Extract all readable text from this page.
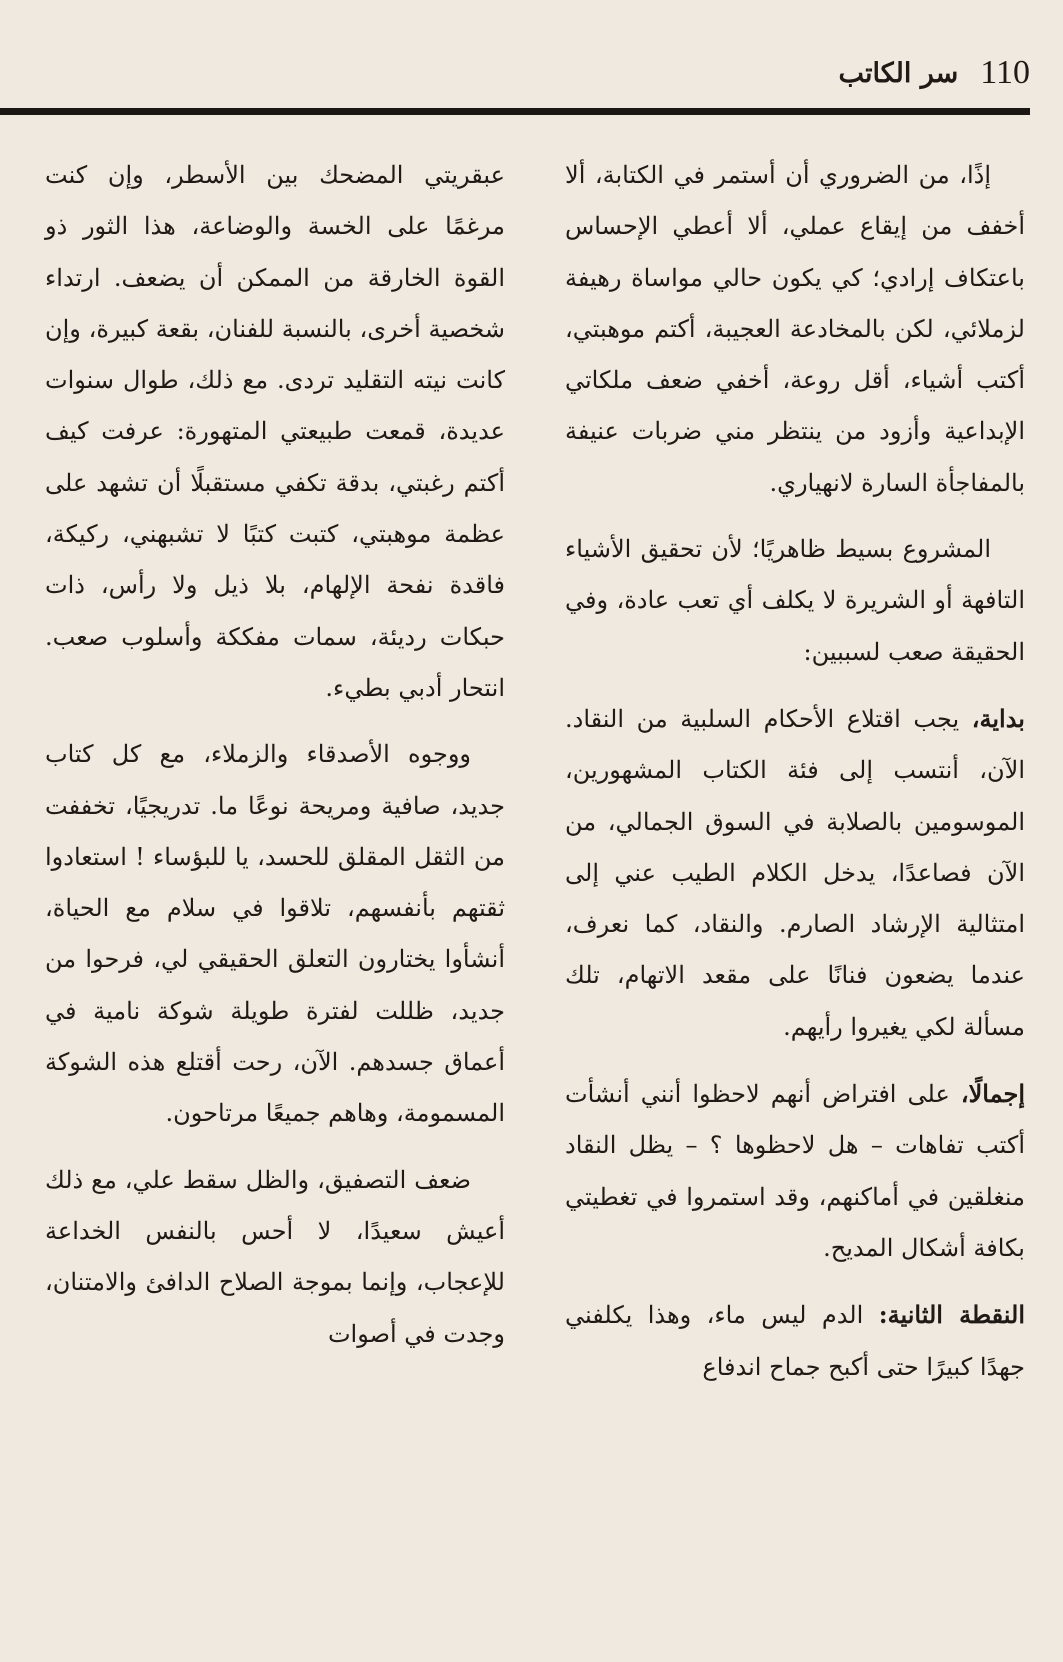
110
سر الكاتب

إذًا، من الضروري أن أستمر في الكتابة، ألا أخفف من إيقاع عملي، ألا أعطي الإحساس باعتكاف إرادي؛ كي يكون حالي مواساة رهيفة لزملائي، لكن بالمخادعة العجيبة، أكتم موهبتي، أكتب أشياء، أقل روعة، أخفي ضعف ملكاتي الإبداعية وأزود من ينتظر مني ضربات عنيفة بالمفاجأة السارة لانهياري.

المشروع بسيط ظاهريًا؛ لأن تحقيق الأشياء التافهة أو الشريرة لا يكلف أي تعب عادة، وفي الحقيقة صعب لسببين:

بداية، يجب اقتلاع الأحكام السلبية من النقاد. الآن، أنتسب إلى فئة الكتاب المشهورين، الموسومين بالصلابة في السوق الجمالي، من الآن فصاعدًا، يدخل الكلام الطيب عني إلى امتثالية الإرشاد الصارم. والنقاد، كما نعرف، عندما يضعون فنانًا على مقعد الاتهام، تلك مسألة لكي يغيروا رأيهم.

إجمالًا، على افتراض أنهم لاحظوا أنني أنشأت أكتب تفاهات – هل لاحظوها ؟ – يظل النقاد منغلقين في أماكنهم، وقد استمروا في تغطيتي بكافة أشكال المديح.

النقطة الثانية: الدم ليس ماء، وهذا يكلفني جهدًا كبيرًا حتى أكبح جماح اندفاع

عبقريتي المضحك بين الأسطر، وإن كنت مرغمًا على الخسة والوضاعة، هذا الثور ذو القوة الخارقة من الممكن أن يضعف. ارتداء شخصية أخرى، بالنسبة للفنان، بقعة كبيرة، وإن كانت نيته التقليد تردى. مع ذلك، طوال سنوات عديدة، قمعت طبيعتي المتهورة: عرفت كيف أكتم رغبتي، بدقة تكفي مستقبلًا أن تشهد على عظمة موهبتي، كتبت كتبًا لا تشبهني، ركيكة، فاقدة نفحة الإلهام، بلا ذيل ولا رأس، ذات حبكات رديئة، سمات مفككة وأسلوب صعب. انتحار أدبي بطيء.

ووجوه الأصدقاء والزملاء، مع كل كتاب جديد، صافية ومريحة نوعًا ما. تدريجيًا، تخففت من الثقل المقلق للحسد، يا للبؤساء ! استعادوا ثقتهم بأنفسهم، تلاقوا في سلام مع الحياة، أنشأوا يختارون التعلق الحقيقي لي، فرحوا من جديد، ظللت لفترة طويلة شوكة نامية في أعماق جسدهم. الآن، رحت أقتلع هذه الشوكة المسمومة، وهاهم جميعًا مرتاحون.

ضعف التصفيق، والظل سقط علي، مع ذلك أعيش سعيدًا، لا أحس بالنفس الخداعة للإعجاب، وإنما بموجة الصلاح الدافئ والامتنان، وجدت في أصوات
